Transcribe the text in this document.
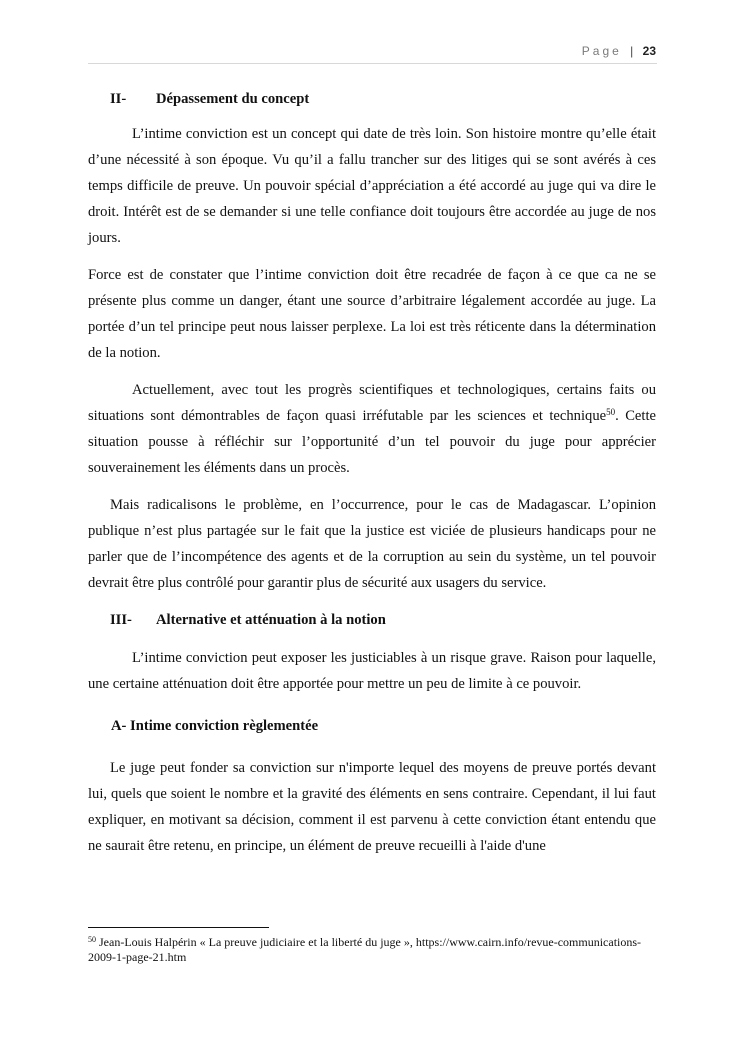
Page | 23

II- Dépassement du concept

L’intime conviction est un concept qui date de très loin. Son histoire montre qu’elle était d’une nécessité à son époque. Vu qu’il a fallu trancher sur des litiges qui se sont avérés à ces temps difficile de preuve. Un pouvoir spécial d’appréciation a été accordé au juge qui va dire le droit. Intérêt est de se demander si une telle confiance doit toujours être accordée au juge de nos jours.

Force est de constater que l’intime conviction doit être recadrée de façon à ce que ca ne se présente plus comme un danger, étant une source d’arbitraire légalement accordée au juge. La portée d’un tel principe peut nous laisser perplexe. La loi est très réticente dans la détermination de la notion.

Actuellement, avec tout les progrès scientifiques et technologiques, certains faits ou situations sont démontrables de façon quasi irréfutable par les sciences et technique$^{50}$. Cette situation pousse à réfléchir sur l’opportunité d’un tel pouvoir du juge pour apprécier souverainement les éléments dans un procès.

Mais radicalisons le problème, en l’occurrence, pour le cas de Madagascar. L’opinion publique n’est plus partagée sur le fait que la justice est viciée de plusieurs handicaps pour ne parler que de l’incompétence des agents et de la corruption au sein du système, un tel pouvoir devrait être plus contrôlé pour garantir plus de sécurité aux usagers du service.

III- Alternative et atténuation à la notion

L’intime conviction peut exposer les justiciables à un risque grave. Raison pour laquelle, une certaine atténuation doit être apportée pour mettre un peu de limite à ce pouvoir.

A- Intime conviction règlementée

Le juge peut fonder sa conviction sur n'importe lequel des moyens de preuve portés devant lui, quels que soient le nombre et la gravité des éléments en sens contraire. Cependant, il lui faut expliquer, en motivant sa décision, comment il est parvenu à cette conviction étant entendu que ne saurait être retenu, en principe, un élément de preuve recueilli à l'aide d'une

$^{50}$ Jean-Louis Halpérin « La preuve judiciaire et la liberté du juge », https://www.cairn.info/revue-communications-2009-1-page-21.htm
